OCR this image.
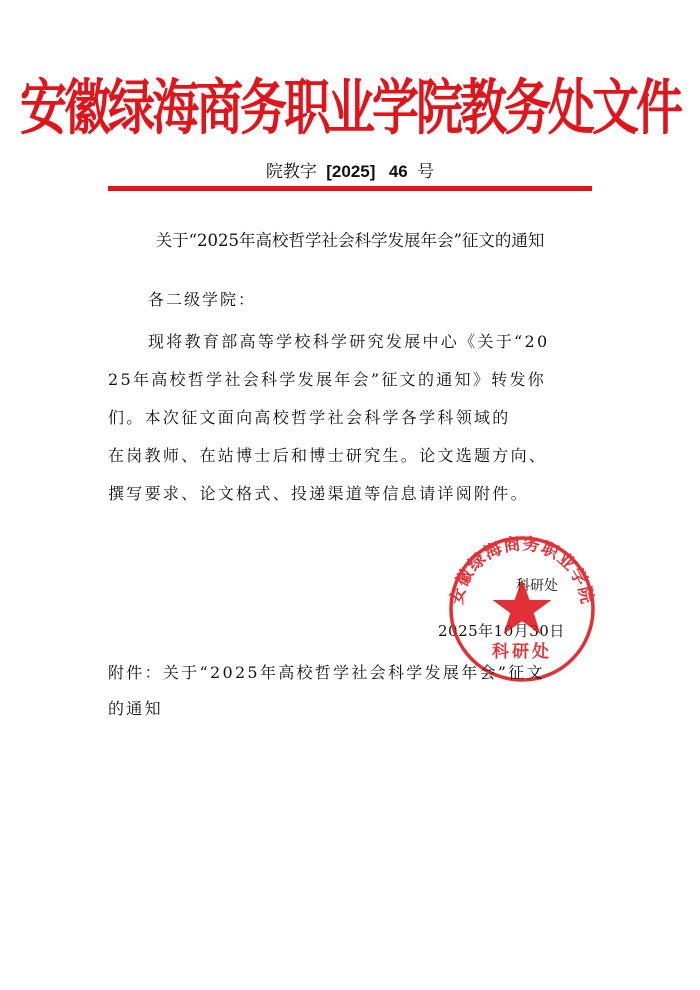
安徽绿海商务职业学院教务处文件
院教字 [2025] 46 号
关于“2025年高校哲学社会科学发展年会”征文的通知
各二级学院：
现将教育部高等学校科学研究发展中心《关于“20
25年高校哲学社会科学发展年会”征文的通知》转发你
们。本次征文面向高校哲学社会科学各学科领域的
在岗教师、在站博士后和博士研究生。论文选题方向、
撰写要求、论文格式、投递渠道等信息请详阅附件。
科研处
2025年10月30日
安徽绿海商务职业学院
科研处
附件：关于“2025年高校哲学社会科学发展年会”征文
的通知
